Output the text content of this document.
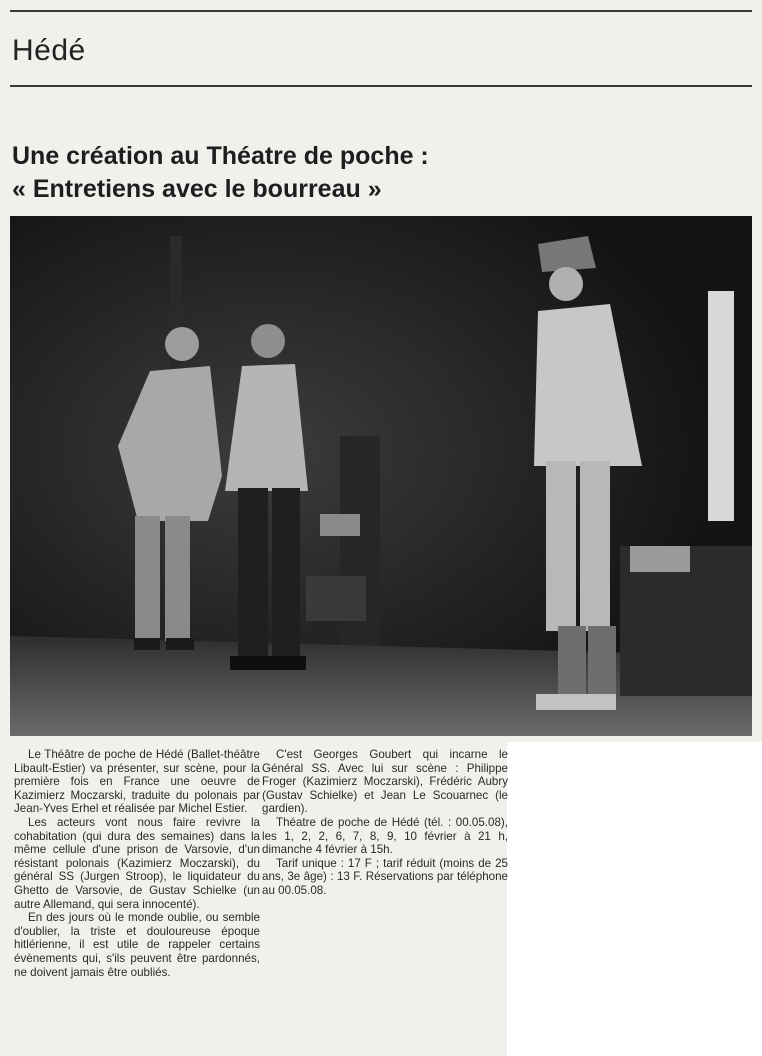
Hédé
Une création au Théatre de poche :
« Entretiens avec le bourreau »

Le Théâtre de poche de Hédé (Ballet-théâtre Libault-Estier) va présenter, sur scène, pour la première fois en France une oeuvre de Kazimierz Moczarski, traduite du polonais par Jean-Yves Erhel et réalisée par Michel Estier.

Les acteurs vont nous faire revivre la cohabitation (qui dura des semaines) dans la même cellule d'une prison de Varsovie, d'un résistant polonais (Kazimierz Moczarski), du général SS (Jurgen Stroop), le liquidateur du Ghetto de Varsovie, de Gustav Schielke (un autre Allemand, qui sera innocenté).

En des jours où le monde oublie, ou semble d'oublier, la triste et douloureuse époque hitlérienne, il est utile de rappeler certains évènements qui, s'ils peuvent être pardonnés, ne doivent jamais être oubliés.

C'est Georges Goubert qui incarne le Général SS. Avec lui sur scène : Philippe Froger (Kazimierz Moczarski), Frédéric Aubry (Gustav Schielke) et Jean Le Scouarnec (le gardien).

Théatre de poche de Hédé (tél. : 00.05.08), les 1, 2, 2, 6, 7, 8, 9, 10 février à 21 h, dimanche 4 février à 15h.

Tarif unique : 17 F ; tarif réduit (moins de 25 ans, 3e âge) : 13 F. Réservations par téléphone au 00.05.08.
